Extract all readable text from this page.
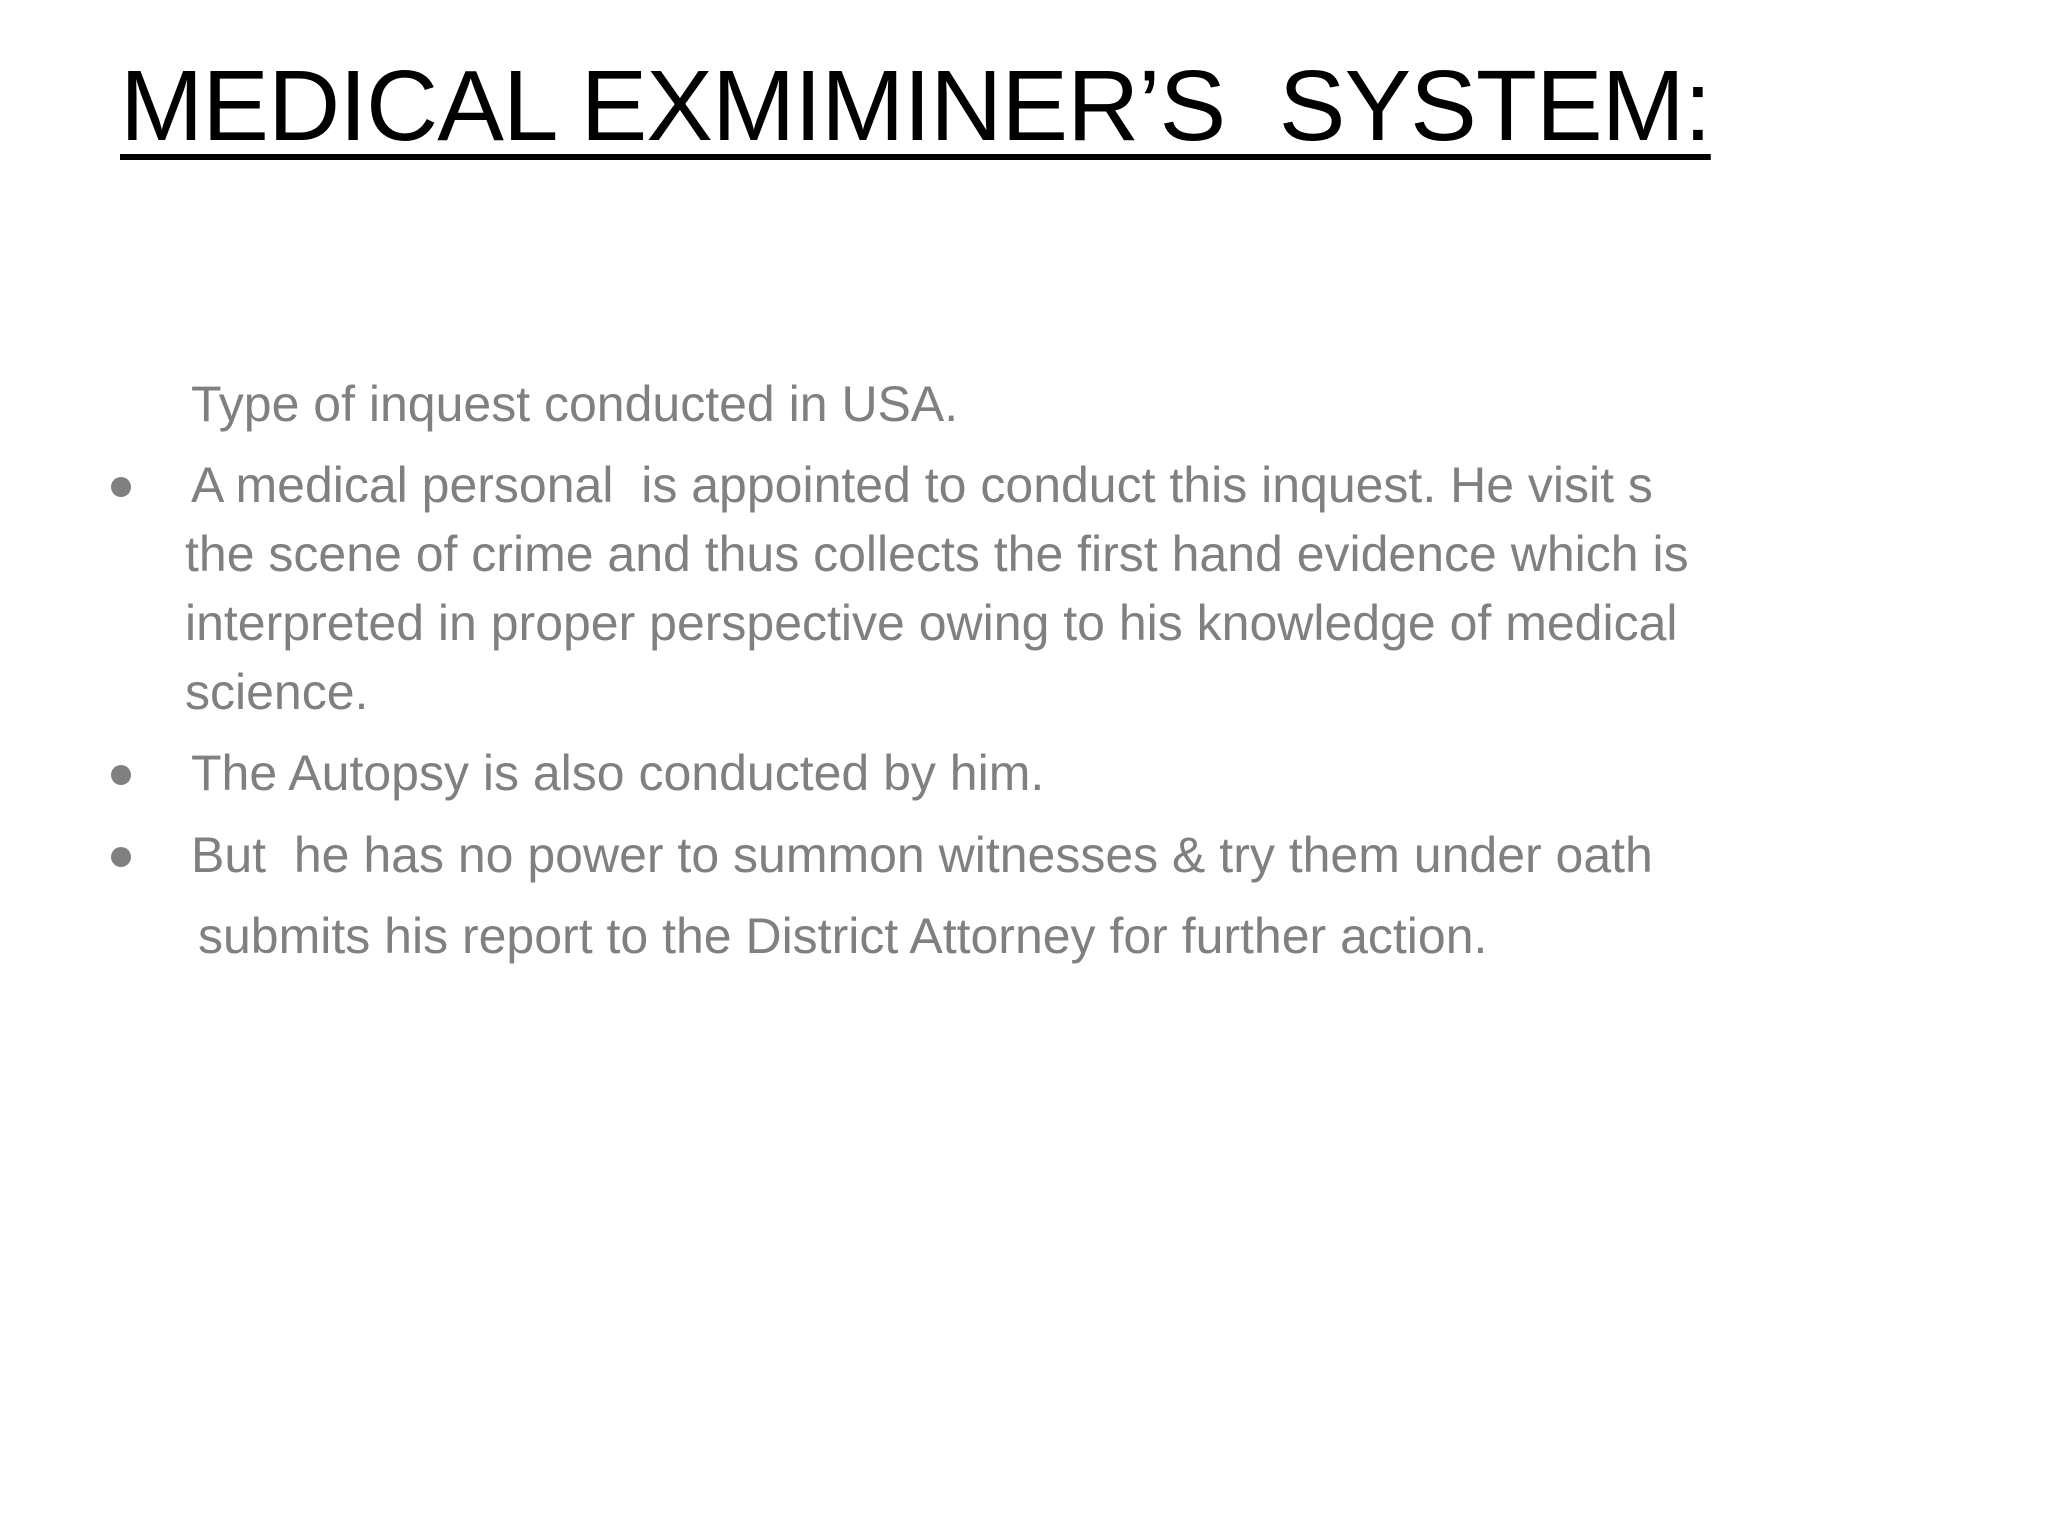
MEDICAL EXMIMINER’S  SYSTEM:
Type of inquest conducted in USA.
A medical personal  is appointed to conduct this inquest. He visit s
the scene of crime and thus collects the first hand evidence which is
interpreted in proper perspective owing to his knowledge of medical
science.
The Autopsy is also conducted by him.
But  he has no power to summon witnesses & try them under oath
submits his report to the District Attorney for further action.
